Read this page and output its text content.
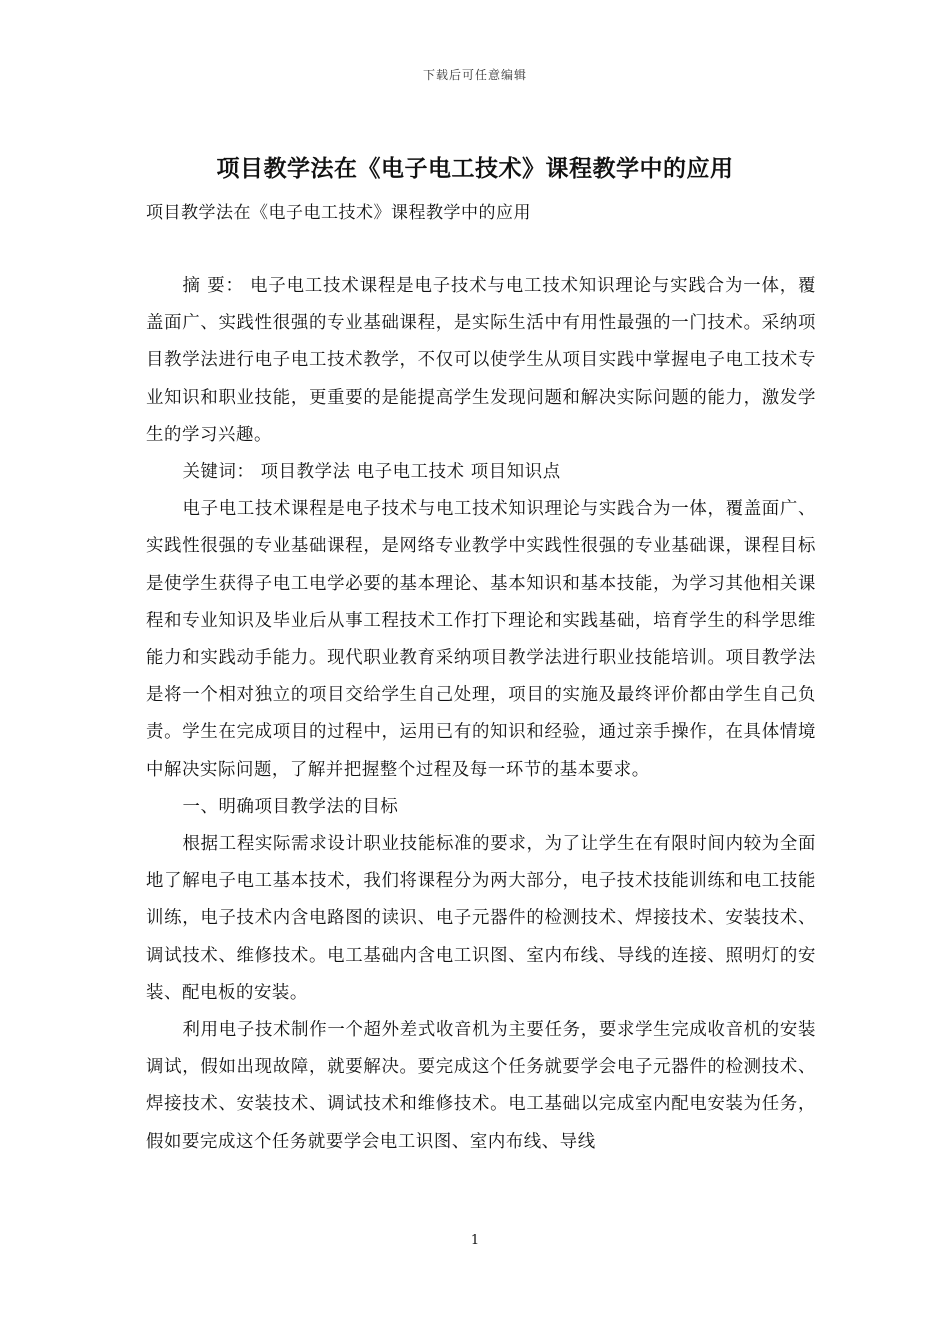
下载后可任意编辑
项目教学法在《电子电工技术》课程教学中的应用
项目教学法在《电子电工技术》课程教学中的应用

摘 要： 电子电工技术课程是电子技术与电工技术知识理论与实践合为一体，覆盖面广、实践性很强的专业基础课程，是实际生活中有用性最强的一门技术。采纳项目教学法进行电子电工技术教学，不仅可以使学生从项目实践中掌握电子电工技术专业知识和职业技能，更重要的是能提高学生发现问题和解决实际问题的能力，激发学生的学习兴趣。

关键词： 项目教学法 电子电工技术 项目知识点

电子电工技术课程是电子技术与电工技术知识理论与实践合为一体，覆盖面广、实践性很强的专业基础课程，是网络专业教学中实践性很强的专业基础课，课程目标是使学生获得子电工电学必要的基本理论、基本知识和基本技能，为学习其他相关课程和专业知识及毕业后从事工程技术工作打下理论和实践基础，培育学生的科学思维能力和实践动手能力。现代职业教育采纳项目教学法进行职业技能培训。项目教学法是将一个相对独立的项目交给学生自己处理，项目的实施及最终评价都由学生自己负责。学生在完成项目的过程中，运用已有的知识和经验，通过亲手操作，在具体情境中解决实际问题，了解并把握整个过程及每一环节的基本要求。

一、明确项目教学法的目标

根据工程实际需求设计职业技能标准的要求，为了让学生在有限时间内较为全面地了解电子电工基本技术，我们将课程分为两大部分，电子技术技能训练和电工技能训练，电子技术内含电路图的读识、电子元器件的检测技术、焊接技术、安装技术、调试技术、维修技术。电工基础内含电工识图、室内布线、导线的连接、照明灯的安装、配电板的安装。

利用电子技术制作一个超外差式收音机为主要任务，要求学生完成收音机的安装调试，假如出现故障，就要解决。要完成这个任务就要学会电子元器件的检测技术、焊接技术、安装技术、调试技术和维修技术。电工基础以完成室内配电安装为任务，假如要完成这个任务就要学会电工识图、室内布线、导线

1
